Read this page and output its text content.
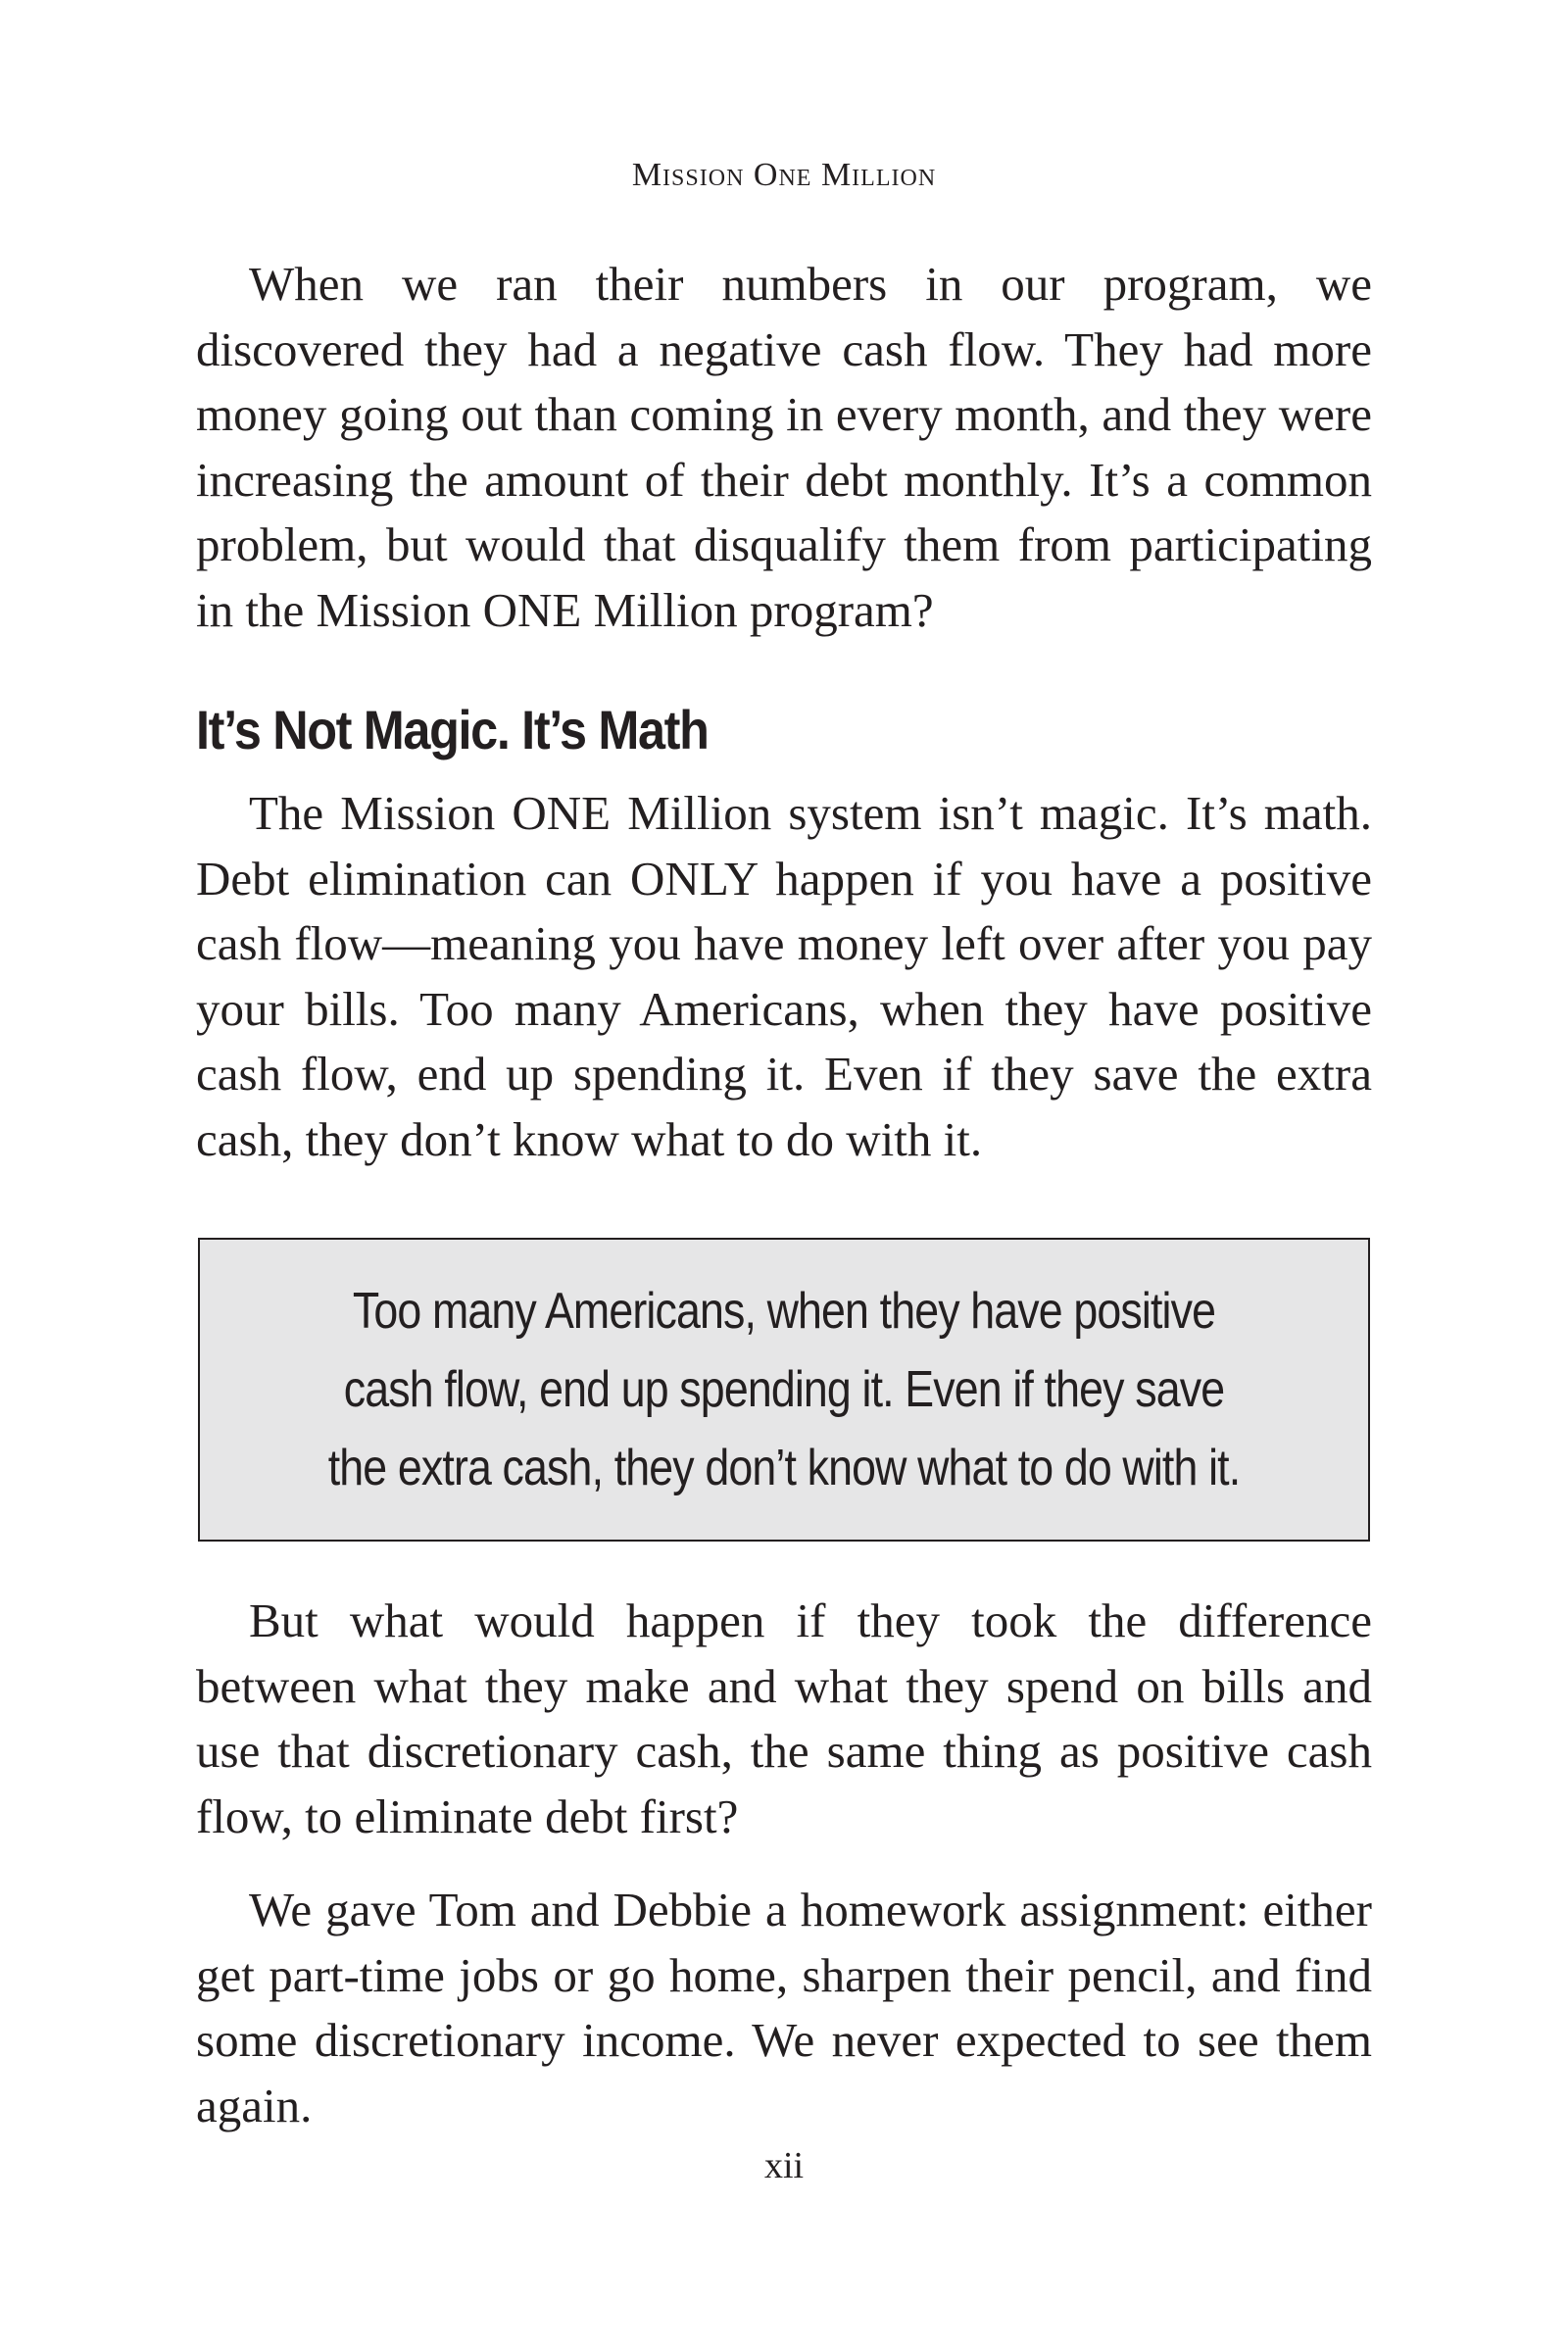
Mission One Million

When we ran their numbers in our program, we discovered they had a negative cash flow. They had more money going out than coming in every month, and they were increasing the amount of their debt monthly. It’s a common problem, but would that disqualify them from participating in the Mission ONE Million program?

It’s Not Magic. It’s Math

The Mission ONE Million system isn’t magic. It’s math. Debt elimination can ONLY happen if you have a positive cash flow—meaning you have money left over after you pay your bills. Too many Americans, when they have positive cash flow, end up spending it. Even if they save the extra cash, they don’t know what to do with it.

Too many Americans, when they have positive cash flow, end up spending it. Even if they save the extra cash, they don’t know what to do with it.

But what would happen if they took the difference between what they make and what they spend on bills and use that discretionary cash, the same thing as positive cash flow, to eliminate debt first?

We gave Tom and Debbie a homework assignment: either get part-time jobs or go home, sharpen their pencil, and find some discretionary income. We never expected to see them again.

xii
